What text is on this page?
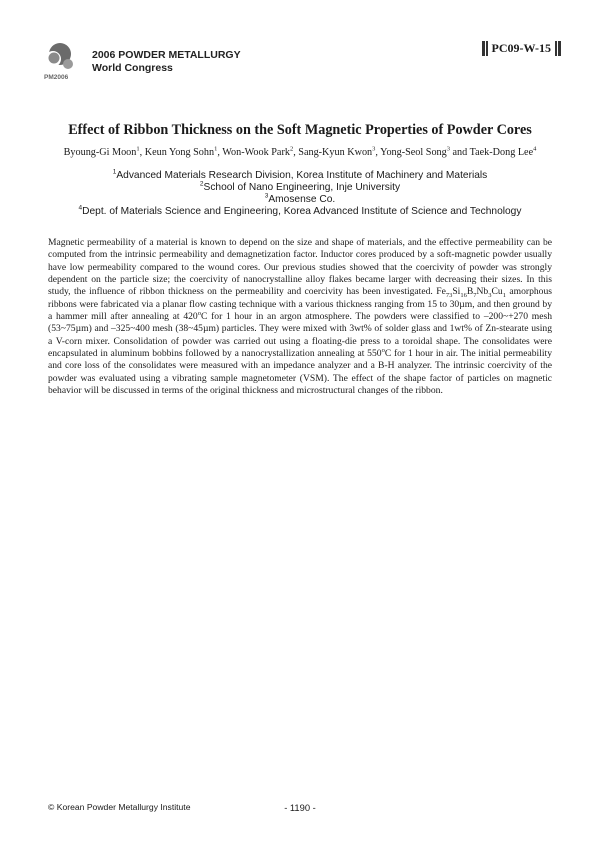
PM2006
2006 POWDER METALLURGY
World Congress
PC09-W-15
Effect of Ribbon Thickness on the Soft Magnetic Properties of Powder Cores
Byoung-Gi Moon$^1$, Keun Yong Sohn$^1$, Won-Wook Park$^2$, Sang-Kyun Kwon$^3$, Yong-Seol Song$^3$ and Taek-Dong Lee$^4$
$^1$Advanced Materials Research Division, Korea Institute of Machinery and Materials
$^2$School of Nano Engineering, Inje University
$^3$Amosense Co.
$^4$Dept. of Materials Science and Engineering, Korea Advanced Institute of Science and Technology
Magnetic permeability of a material is known to depend on the size and shape of materials, and the effective permeability can be computed from the intrinsic permeability and demagnetization factor. Inductor cores produced by a soft-magnetic powder usually have low permeability compared to the wound cores. Our previous studies showed that the coercivity of powder was strongly dependent on the particle size; the coercivity of nanocrystalline alloy flakes became larger with decreasing their sizes. In this study, the influence of ribbon thickness on the permeability and coercivity has been investigated. $Fe_{73}Si_{16}B_7Nb_3Cu_1$ amorphous ribbons were fabricated via a planar flow casting technique with a various thickness ranging from 15 to 30µm, and then ground by a hammer mill after annealing at 420$^o$C for 1 hour in an argon atmosphere. The powders were classified to –200~+270 mesh (53~75µm) and –325~400 mesh (38~45µm) particles. They were mixed with 3wt% of solder glass and 1wt% of Zn-stearate using a V-corn mixer. Consolidation of powder was carried out using a floating-die press to a toroidal shape. The consolidates were encapsulated in aluminum bobbins followed by a nanocrystallization annealing at 550$^o$C for 1 hour in air. The initial permeability and core loss of the consolidates were measured with an impedance analyzer and a B-H analyzer. The intrinsic coercivity of the powder was evaluated using a vibrating sample magnetometer (VSM). The effect of the shape factor of particles on magnetic behavior will be discussed in terms of the original thickness and microstructural changes of the ribbon.
© Korean Powder Metallurgy Institute	- 1190 -
